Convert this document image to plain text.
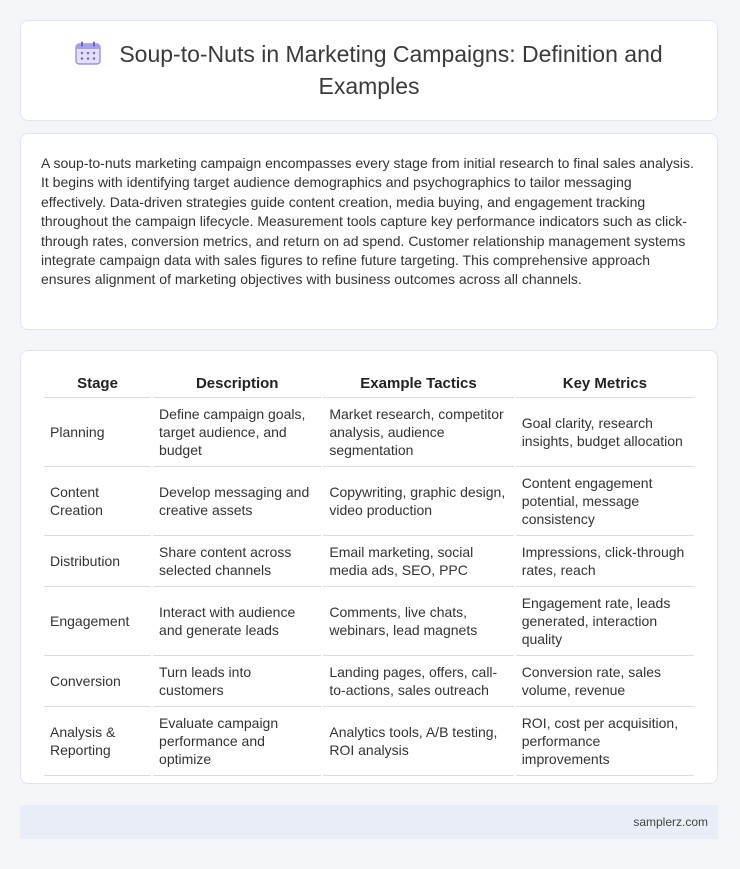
Soup-to-Nuts in Marketing Campaigns: Definition and
Examples

A soup-to-nuts marketing campaign encompasses every stage from initial research to final sales analysis. It begins with identifying target audience demographics and psychographics to tailor messaging effectively. Data-driven strategies guide content creation, media buying, and engagement tracking throughout the campaign lifecycle. Measurement tools capture key performance indicators such as click-through rates, conversion metrics, and return on ad spend. Customer relationship management systems integrate campaign data with sales figures to refine future targeting. This comprehensive approach ensures alignment of marketing objectives with business outcomes across all channels.

Stage	Description	Example Tactics	Key Metrics
Planning	Define campaign goals, target audience, and budget	Market research, competitor analysis, audience segmentation	Goal clarity, research insights, budget allocation
Content Creation	Develop messaging and creative assets	Copywriting, graphic design, video production	Content engagement potential, message consistency
Distribution	Share content across selected channels	Email marketing, social media ads, SEO, PPC	Impressions, click-through rates, reach
Engagement	Interact with audience and generate leads	Comments, live chats, webinars, lead magnets	Engagement rate, leads generated, interaction quality
Conversion	Turn leads into customers	Landing pages, offers, call-to-actions, sales outreach	Conversion rate, sales volume, revenue
Analysis & Reporting	Evaluate campaign performance and optimize	Analytics tools, A/B testing, ROI analysis	ROI, cost per acquisition, performance improvements
samplerz.com
